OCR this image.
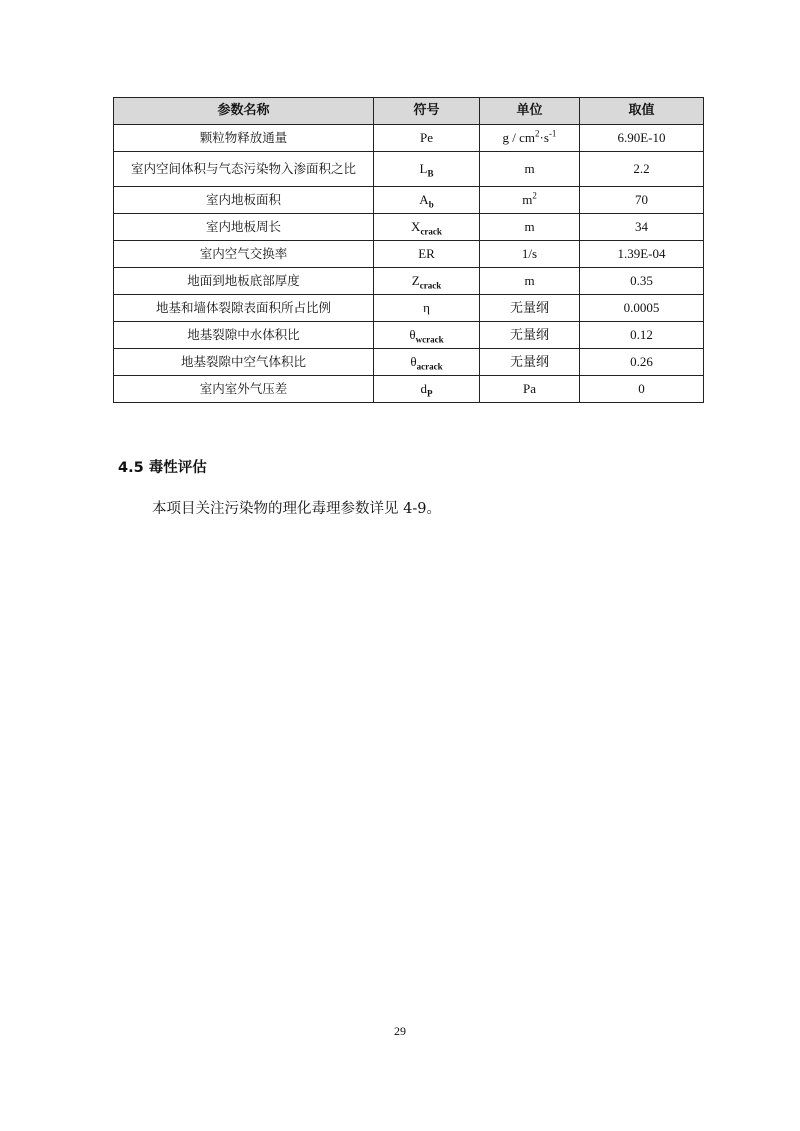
参数名称	符号	单位	取值
颗粒物释放通量	Pe	$g / cm^2\cdot s^{-1}$	6.90E-10
室内空间体积与气态污染物入渗面积之比	$L_B$	m	2.2
室内地板面积	$A_b$	$m^2$	70
室内地板周长	$X_{crack}$	m	34
室内空气交换率	ER	1/s	1.39E-04
地面到地板底部厚度	$Z_{crack}$	m	0.35
地基和墙体裂隙表面积所占比例	η	无量纲	0.0005
地基裂隙中水体积比	$\theta_{wcrack}$	无量纲	0.12
地基裂隙中空气体积比	$\theta_{acrack}$	无量纲	0.26
室内室外气压差	$d_P$	Pa	0
4.5 毒性评估

本项目关注污染物的理化毒理参数详见 4-9。

29
